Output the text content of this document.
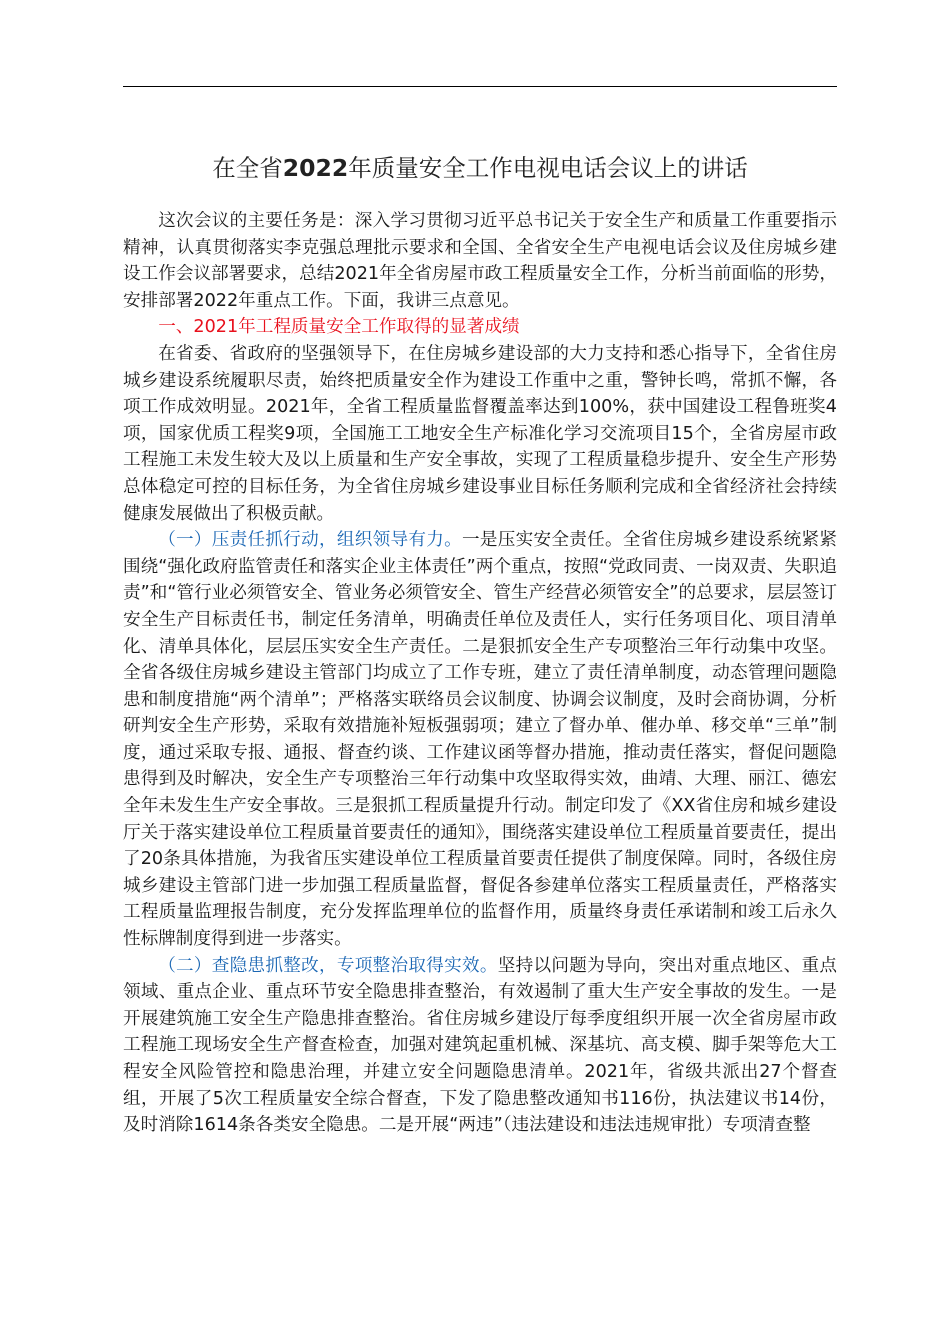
在全省2022年质量安全工作电视电话会议上的讲话

这次会议的主要任务是：深入学习贯彻习近平总书记关于安全生产和质量工作重要指示精神，认真贯彻落实李克强总理批示要求和全国、全省安全生产电视电话会议及住房城乡建设工作会议部署要求，总结2021年全省房屋市政工程质量安全工作，分析当前面临的形势，安排部署2022年重点工作。下面，我讲三点意见。

一、2021年工程质量安全工作取得的显著成绩

在省委、省政府的坚强领导下，在住房城乡建设部的大力支持和悉心指导下，全省住房城乡建设系统履职尽责，始终把质量安全作为建设工作重中之重，警钟长鸣，常抓不懈，各项工作成效明显。2021年，全省工程质量监督覆盖率达到100%，获中国建设工程鲁班奖4项，国家优质工程奖9项，全国施工工地安全生产标准化学习交流项目15个，全省房屋市政工程施工未发生较大及以上质量和生产安全事故，实现了工程质量稳步提升、安全生产形势总体稳定可控的目标任务，为全省住房城乡建设事业目标任务顺利完成和全省经济社会持续健康发展做出了积极贡献。

（一）压责任抓行动，组织领导有力。一是压实安全责任。全省住房城乡建设系统紧紧围绕“强化政府监管责任和落实企业主体责任”两个重点，按照“党政同责、一岗双责、失职追责”和“管行业必须管安全、管业务必须管安全、管生产经营必须管安全”的总要求，层层签订安全生产目标责任书，制定任务清单，明确责任单位及责任人，实行任务项目化、项目清单化、清单具体化，层层压实安全生产责任。二是狠抓安全生产专项整治三年行动集中攻坚。全省各级住房城乡建设主管部门均成立了工作专班，建立了责任清单制度，动态管理问题隐患和制度措施“两个清单”；严格落实联络员会议制度、协调会议制度，及时会商协调，分析研判安全生产形势，采取有效措施补短板强弱项；建立了督办单、催办单、移交单“三单”制度，通过采取专报、通报、督查约谈、工作建议函等督办措施，推动责任落实，督促问题隐患得到及时解决，安全生产专项整治三年行动集中攻坚取得实效，曲靖、大理、丽江、德宏全年未发生生产安全事故。三是狠抓工程质量提升行动。制定印发了《XX省住房和城乡建设厅关于落实建设单位工程质量首要责任的通知》，围绕落实建设单位工程质量首要责任，提出了20条具体措施，为我省压实建设单位工程质量首要责任提供了制度保障。同时，各级住房城乡建设主管部门进一步加强工程质量监督，督促各参建单位落实工程质量责任，严格落实工程质量监理报告制度，充分发挥监理单位的监督作用，质量终身责任承诺制和竣工后永久性标牌制度得到进一步落实。

（二）查隐患抓整改，专项整治取得实效。坚持以问题为导向，突出对重点地区、重点领域、重点企业、重点环节安全隐患排查整治，有效遏制了重大生产安全事故的发生。一是开展建筑施工安全生产隐患排查整治。省住房城乡建设厅每季度组织开展一次全省房屋市政工程施工现场安全生产督查检查，加强对建筑起重机械、深基坑、高支模、脚手架等危大工程安全风险管控和隐患治理，并建立安全问题隐患清单。2021年，省级共派出27个督查组，开展了5次工程质量安全综合督查，下发了隐患整改通知书116份，执法建议书14份，及时消除1614条各类安全隐患。二是开展“两违”（违法建设和违法违规审批）专项清查整
